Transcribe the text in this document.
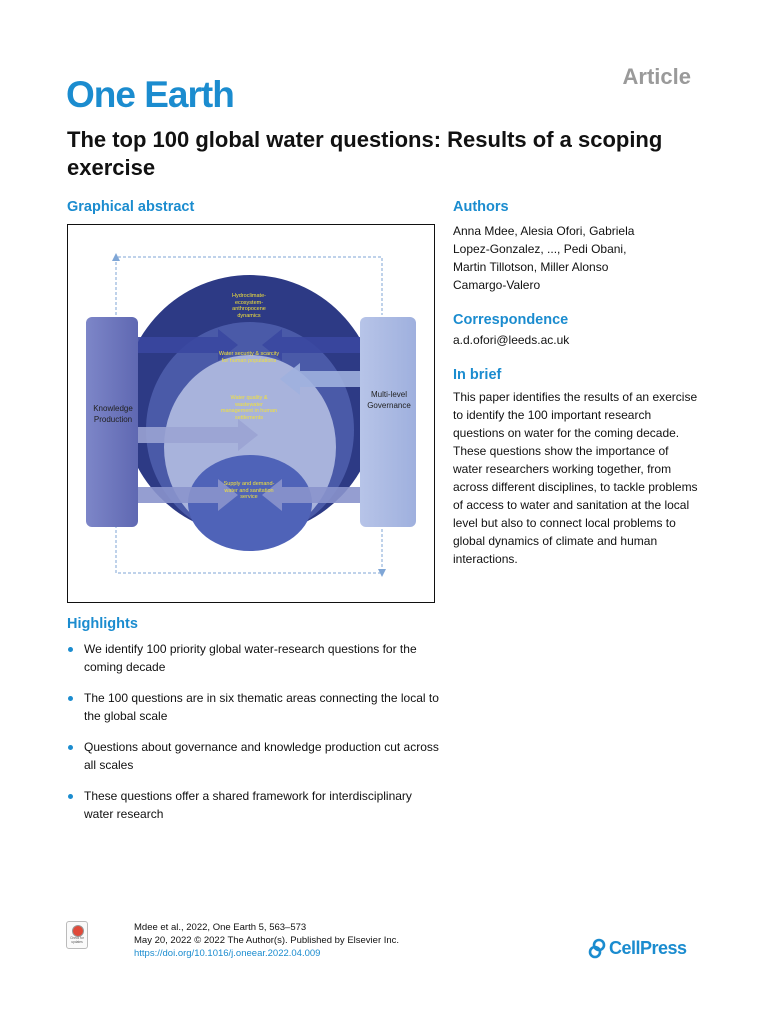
One Earth	Article
The top 100 global water questions: Results of a scoping exercise
Graphical abstract
Knowledge Production
Multi-level Governance
Hydroclimate-ecosystem-anthropocene dynamics
Water security & scarcity for human populations
Water quality & wastewater management in human settlements
Supply and demand- water and sanitation service
Highlights
We identify 100 priority global water-research questions for the coming decade
The 100 questions are in six thematic areas connecting the local to the global scale
Questions about governance and knowledge production cut across all scales
These questions offer a shared framework for interdisciplinary water research
Authors

Anna Mdee, Alesia Ofori, Gabriela Lopez-Gonzalez, ..., Pedi Obani, Martin Tillotson, Miller Alonso Camargo-Valero

Correspondence

a.d.ofori@leeds.ac.uk

In brief

This paper identifies the results of an exercise to identify the 100 important research questions on water for the coming decade. These questions show the importance of water researchers working together, from across different disciplines, to tackle problems of access to water and sanitation at the local level but also to connect local problems to global dynamics of climate and human interactions.

Check for updates
Mdee et al., 2022, One Earth 5, 563–573
May 20, 2022 © 2022 The Author(s). Published by Elsevier Inc.
https://doi.org/10.1016/j.oneear.2022.04.009	CellPress
